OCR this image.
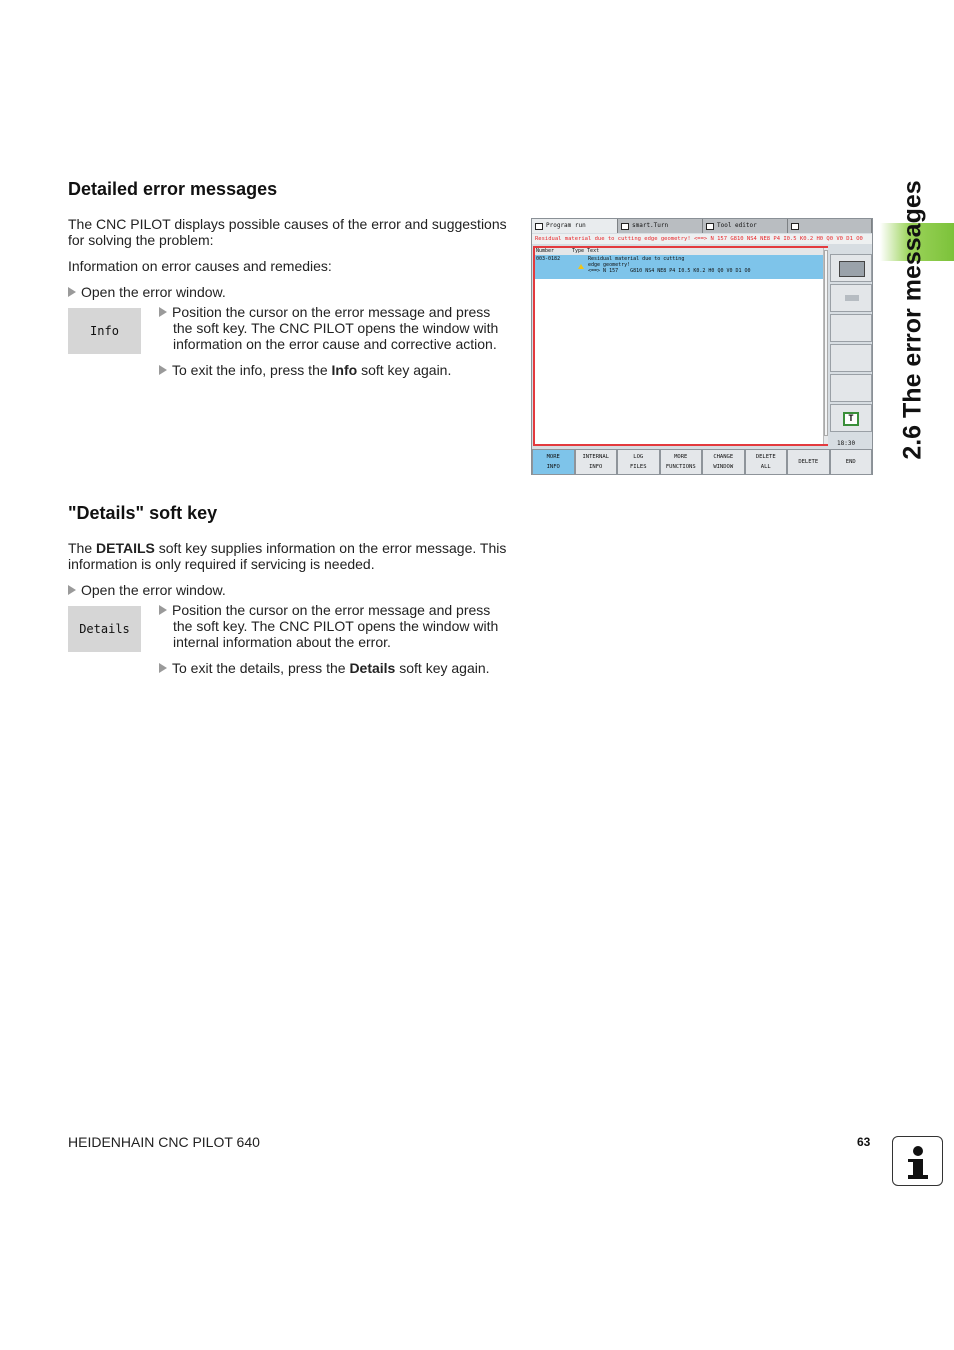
Detailed error messages
The CNC PILOT displays possible causes of the error and suggestions for solving the problem:
Information on error causes and remedies:
Open the error window.
Info
Position the cursor on the error message and press
the soft key. The CNC PILOT opens the window with information on the error cause and corrective action.
To exit the info, press the Info soft key again.
Program run	smart.Turn	Tool editor
Residual material due to cutting edge geometry! <==> N 157 G810 NS4 NE8 P4 I0.5 K0.2 H0 Q0 V0 D1 O0
Number	Type Text
003-0182	Residual material due to cutting
edge geometry!
<==> N 157    G810 NS4 NE8 P4 I0.5 K0.2 H0 Q0 V0 D1 O0
T
18:30
MORE
INFO
INTERNAL
INFO
LOG
FILES
MORE
FUNCTIONS
CHANGE
WINDOW
DELETE
ALL
DELETE	END
"Details" soft key
The DETAILS soft key supplies information on the error message. This information is only required if servicing is needed.
Open the error window.
Details
Position the cursor on the error message and press
the soft key. The CNC PILOT opens the window with internal information about the error.
To exit the details, press the Details soft key again.
2.6 The error messages
HEIDENHAIN CNC PILOT 640	63
